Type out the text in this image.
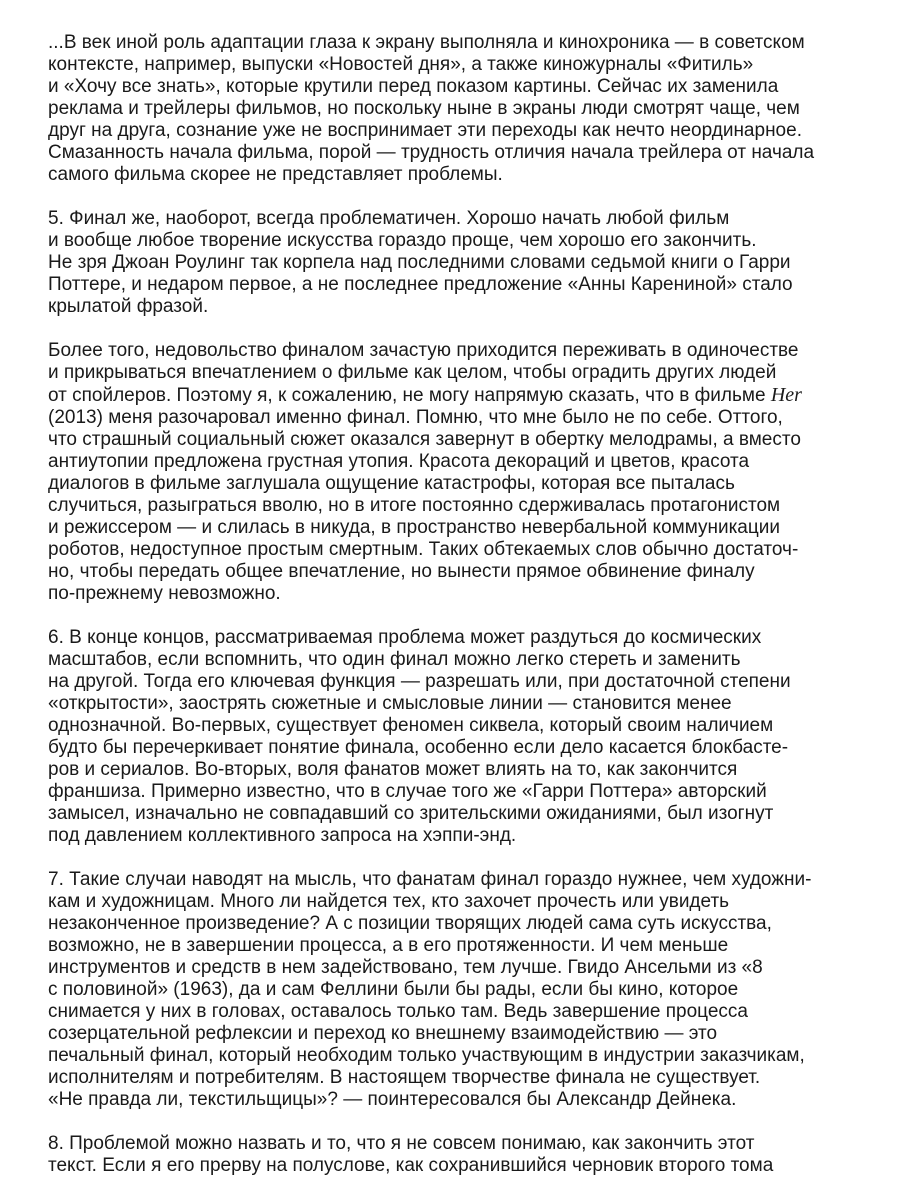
...В век иной роль адаптации глаза к экрану выполняла и кинохроника — в советском
контексте, например, выпуски «Новостей дня», а также киножурналы «Фитиль»
и «Хочу все знать», которые крутили перед показом картины. Сейчас их заменила
реклама и трейлеры фильмов, но поскольку ныне в экраны люди смотрят чаще, чем
друг на друга, сознание уже не воспринимает эти переходы как нечто неординарное.
Смазанность начала фильма, порой — трудность отличия начала трейлера от начала
самого фильма скорее не представляет проблемы.

5. Финал же, наоборот, всегда проблематичен. Хорошо начать любой фильм
и вообще любое творение искусства гораздо проще, чем хорошо его закончить.
Не зря Джоан Роулинг так корпела над последними словами седьмой книги о Гарри
Поттере, и недаром первое, а не последнее предложение «Анны Карениной» стало
крылатой фразой.

Более того, недовольство финалом зачастую приходится переживать в одиночестве
и прикрываться впечатлением о фильме как целом, чтобы оградить других людей
от спойлеров. Поэтому я, к сожалению, не могу напрямую сказать, что в фильме Her
(2013) меня разочаровал именно финал. Помню, что мне было не по себе. Оттого,
что страшный социальный сюжет оказался завернут в обертку мелодрамы, а вместо
антиутопии предложена грустная утопия. Красота декораций и цветов, красота
диалогов в фильме заглушала ощущение катастрофы, которая все пыталась
случиться, разыграться вволю, но в итоге постоянно сдерживалась протагонистом
и режиссером — и слилась в никуда, в пространство невербальной коммуникации
роботов, недоступное простым смертным. Таких обтекаемых слов обычно достаточ-
но, чтобы передать общее впечатление, но вынести прямое обвинение финалу
по-прежнему невозможно.

6. В конце концов, рассматриваемая проблема может раздуться до космических
масштабов, если вспомнить, что один финал можно легко стереть и заменить
на другой. Тогда его ключевая функция — разрешать или, при достаточной степени
«открытости», заострять сюжетные и смысловые линии — становится менее
однозначной. Во-первых, существует феномен сиквела, который своим наличием
будто бы перечеркивает понятие финала, особенно если дело касается блокбасте-
ров и сериалов. Во-вторых, воля фанатов может влиять на то, как закончится
франшиза. Примерно известно, что в случае того же «Гарри Поттера» авторский
замысел, изначально не совпадавший со зрительскими ожиданиями, был изогнут
под давлением коллективного запроса на хэппи-энд.

7. Такие случаи наводят на мысль, что фанатам финал гораздо нужнее, чем художни-
кам и художницам. Много ли найдется тех, кто захочет прочесть или увидеть
незаконченное произведение? А с позиции творящих людей сама суть искусства,
возможно, не в завершении процесса, а в его протяженности. И чем меньше
инструментов и средств в нем задействовано, тем лучше. Гвидо Ансельми из «8
с половиной» (1963), да и сам Феллини были бы рады, если бы кино, которое
снимается у них в головах, оставалось только там. Ведь завершение процесса
созерцательной рефлексии и переход ко внешнему взаимодействию — это
печальный финал, который необходим только участвующим в индустрии заказчикам,
исполнителям и потребителям. В настоящем творчестве финала не существует.
«Не правда ли, текстильщицы»? — поинтересовался бы Александр Дейнека.

8. Проблемой можно назвать и то, что я не совсем понимаю, как закончить этот
текст. Если я его прерву на полуслове, как сохранившийся черновик второго тома
